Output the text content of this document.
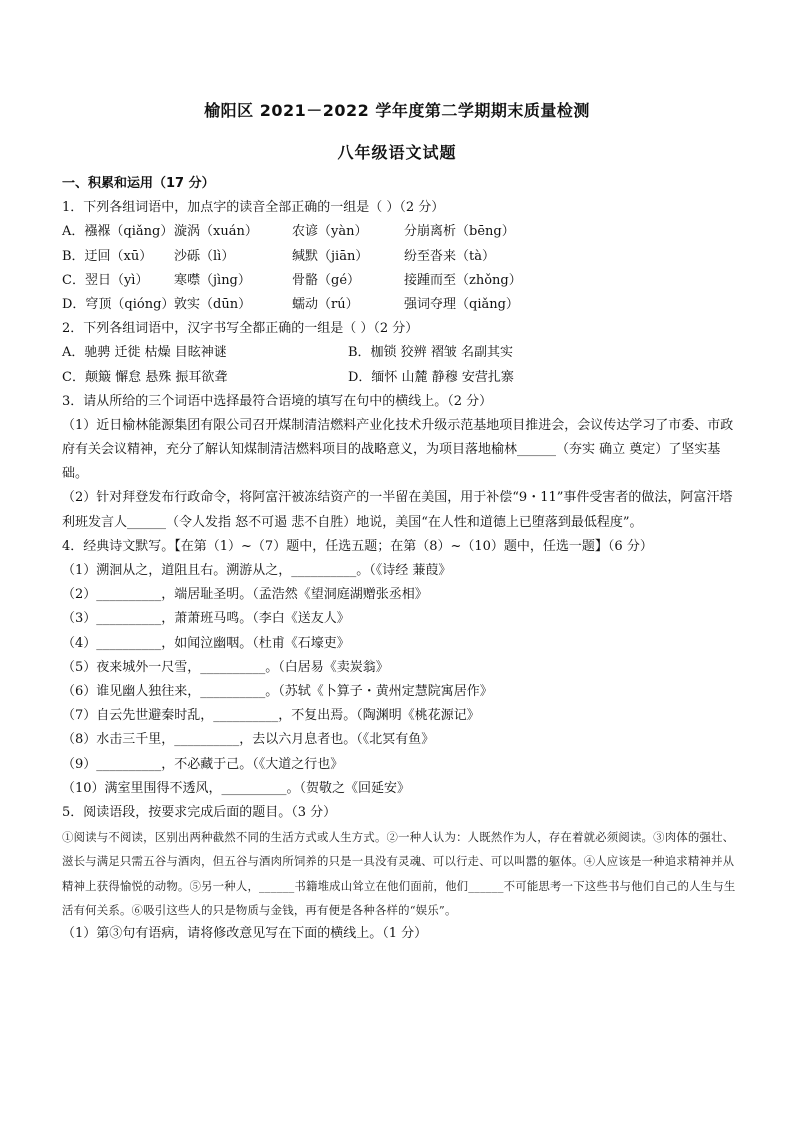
榆阳区 2021－2022 学年度第二学期期末质量检测
八年级语文试题
一、积累和运用（17 分）
1．下列各组词语中，加点字的读音全部正确的一组是（ ）（2 分）
A．襁褓（qiǎng）漩涡（xuán）	农谚（yàn）	分崩离析（bēng）
B．迂回（xū） 沙砾（lì）	缄默（jiān）	纷至沓来（tà）
C．翌日（yì） 寒噤（jìng）	骨骼（gé）	接踵而至（zhǒng）
D．穹顶（qióng）敦实（dūn）	蠕动（rú）	强词夺理（qiǎng）
2．下列各组词语中，汉字书写全都正确的一组是（ ）（2 分）
A．驰骋 迁徙 枯燥 目眩神谜	B．枷锁 狡辨 褶皱 名副其实
C．颠簸 懈怠 悬殊 振耳欲聋	D．缅怀 山麓 静穆 安营扎寨
3．请从所给的三个词语中选择最符合语境的填写在句中的横线上。（2 分）
（1）近日榆林能源集团有限公司召开煤制清洁燃料产业化技术升级示范基地项目推进会，会议传达学习了市委、市政府有关会议精神，充分了解认知煤制清洁燃料项目的战略意义，为项目落地榆林______（夯实 确立 奠定）了坚实基础。
（2）针对拜登发布行政命令，将阿富汗被冻结资产的一半留在美国，用于补偿“9・11”事件受害者的做法，阿富汗塔利班发言人______（令人发指 怒不可遏 悲不自胜）地说，美国“在人性和道德上已堕落到最低程度”。
4．经典诗文默写。【在第（1）~（7）题中，任选五题；在第（8）~（10）题中，任选一题】（6 分）
（1）溯洄从之，道阻且右。溯游从之，__________。（《诗经 蒹葭》
（2）__________，端居耻圣明。（孟浩然《望洞庭湖赠张丞相》
（3）__________，萧萧班马鸣。（李白《送友人》
（4）__________，如闻泣幽咽。（杜甫《石壕吏》
（5）夜来城外一尺雪，__________。（白居易《卖炭翁》
（6）谁见幽人独往来，__________。（苏轼《卜算子・黄州定慧院寓居作》
（7）自云先世避秦时乱，__________，不复出焉。（陶渊明《桃花源记》
（8）水击三千里，__________，去以六月息者也。（《北冥有鱼》
（9）__________，不必藏于己。（《大道之行也》
（10）满室里围得不透风，__________。（贺敬之《回延安》
5．阅读语段，按要求完成后面的题目。（3 分）
①阅读与不阅读，区别出两种截然不同的生活方式或人生方式。②一种人认为：人既然作为人，存在着就必须阅读。③肉体的强壮、滋长与满足只需五谷与酒肉，但五谷与酒肉所饲养的只是一具没有灵魂、可以行走、可以叫嚣的躯体。④人应该是一种追求精神并从精神上获得愉悦的动物。⑤另一种人，______书籍堆成山耸立在他们面前，他们______不可能思考一下这些书与他们自己的人生与生活有何关系。⑥吸引这些人的只是物质与金钱，再有便是各种各样的“娱乐”。
（1）第③句有语病，请将修改意见写在下面的横线上。（1 分）
